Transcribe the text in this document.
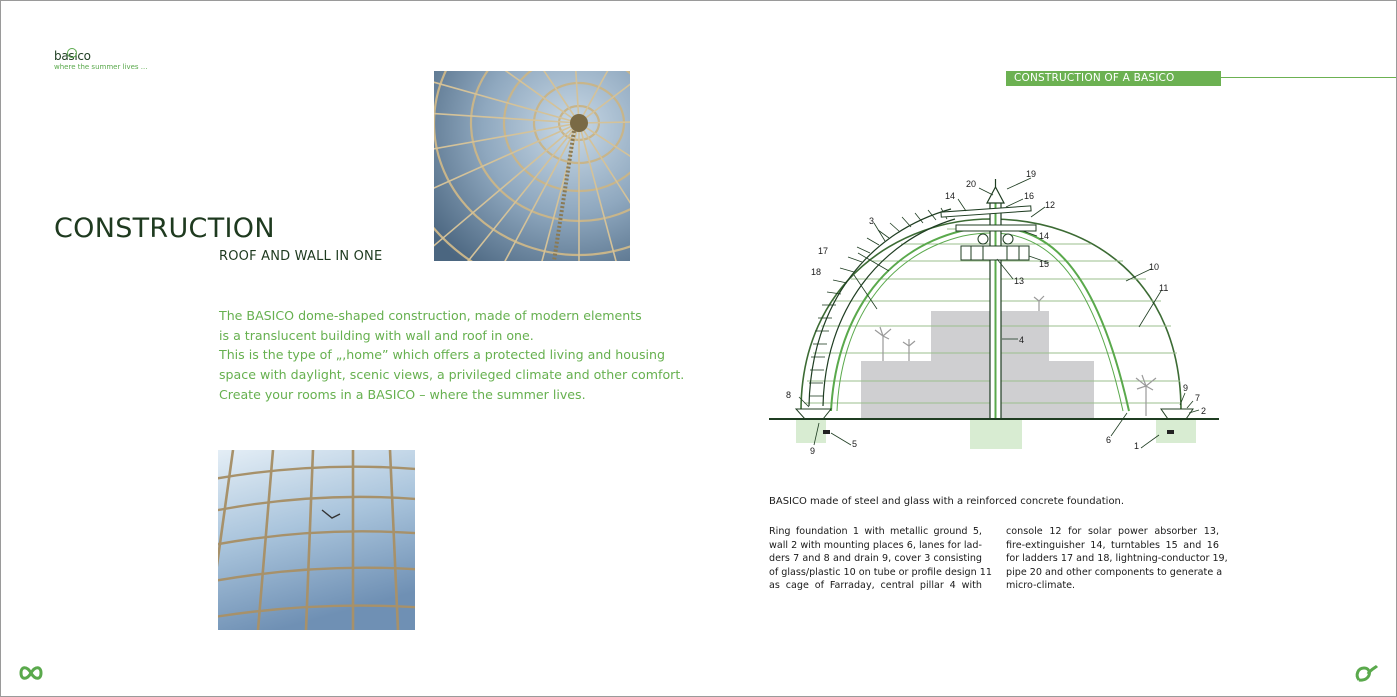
basico
where the summer lives ...
CONSTRUCTION
ROOF AND WALL IN ONE
The BASICO dome-shaped construction, made of modern elements
is a translucent building with wall and roof in one.
This is the type of „,home” which offers a protected living and housing
space with daylight, scenic views, a privileged climate and other comfort.
Create your rooms in a BASICO – where the summer lives.
CONSTRUCTION OF A BASICO
19
20
16
14
12
14
3
15
13
17
18	10
11
4
8
9
7
2
5
9
6
1
BASICO made of steel and glass with a reinforced concrete foundation.
Ring foundation 1 with metallic ground 5,
wall 2 with mounting places 6, lanes for lad-
ders 7 and 8 and drain 9, cover 3 consisting
of glass/plastic 10 on tube or profile design 11
as cage of Farraday, central pillar 4 with
console 12 for solar power absorber 13,
fire-extinguisher 14, turntables 15 and 16
for ladders 17 and 18, lightning-conductor 19,
pipe 20 and other components to generate a
micro-climate.
8	9
